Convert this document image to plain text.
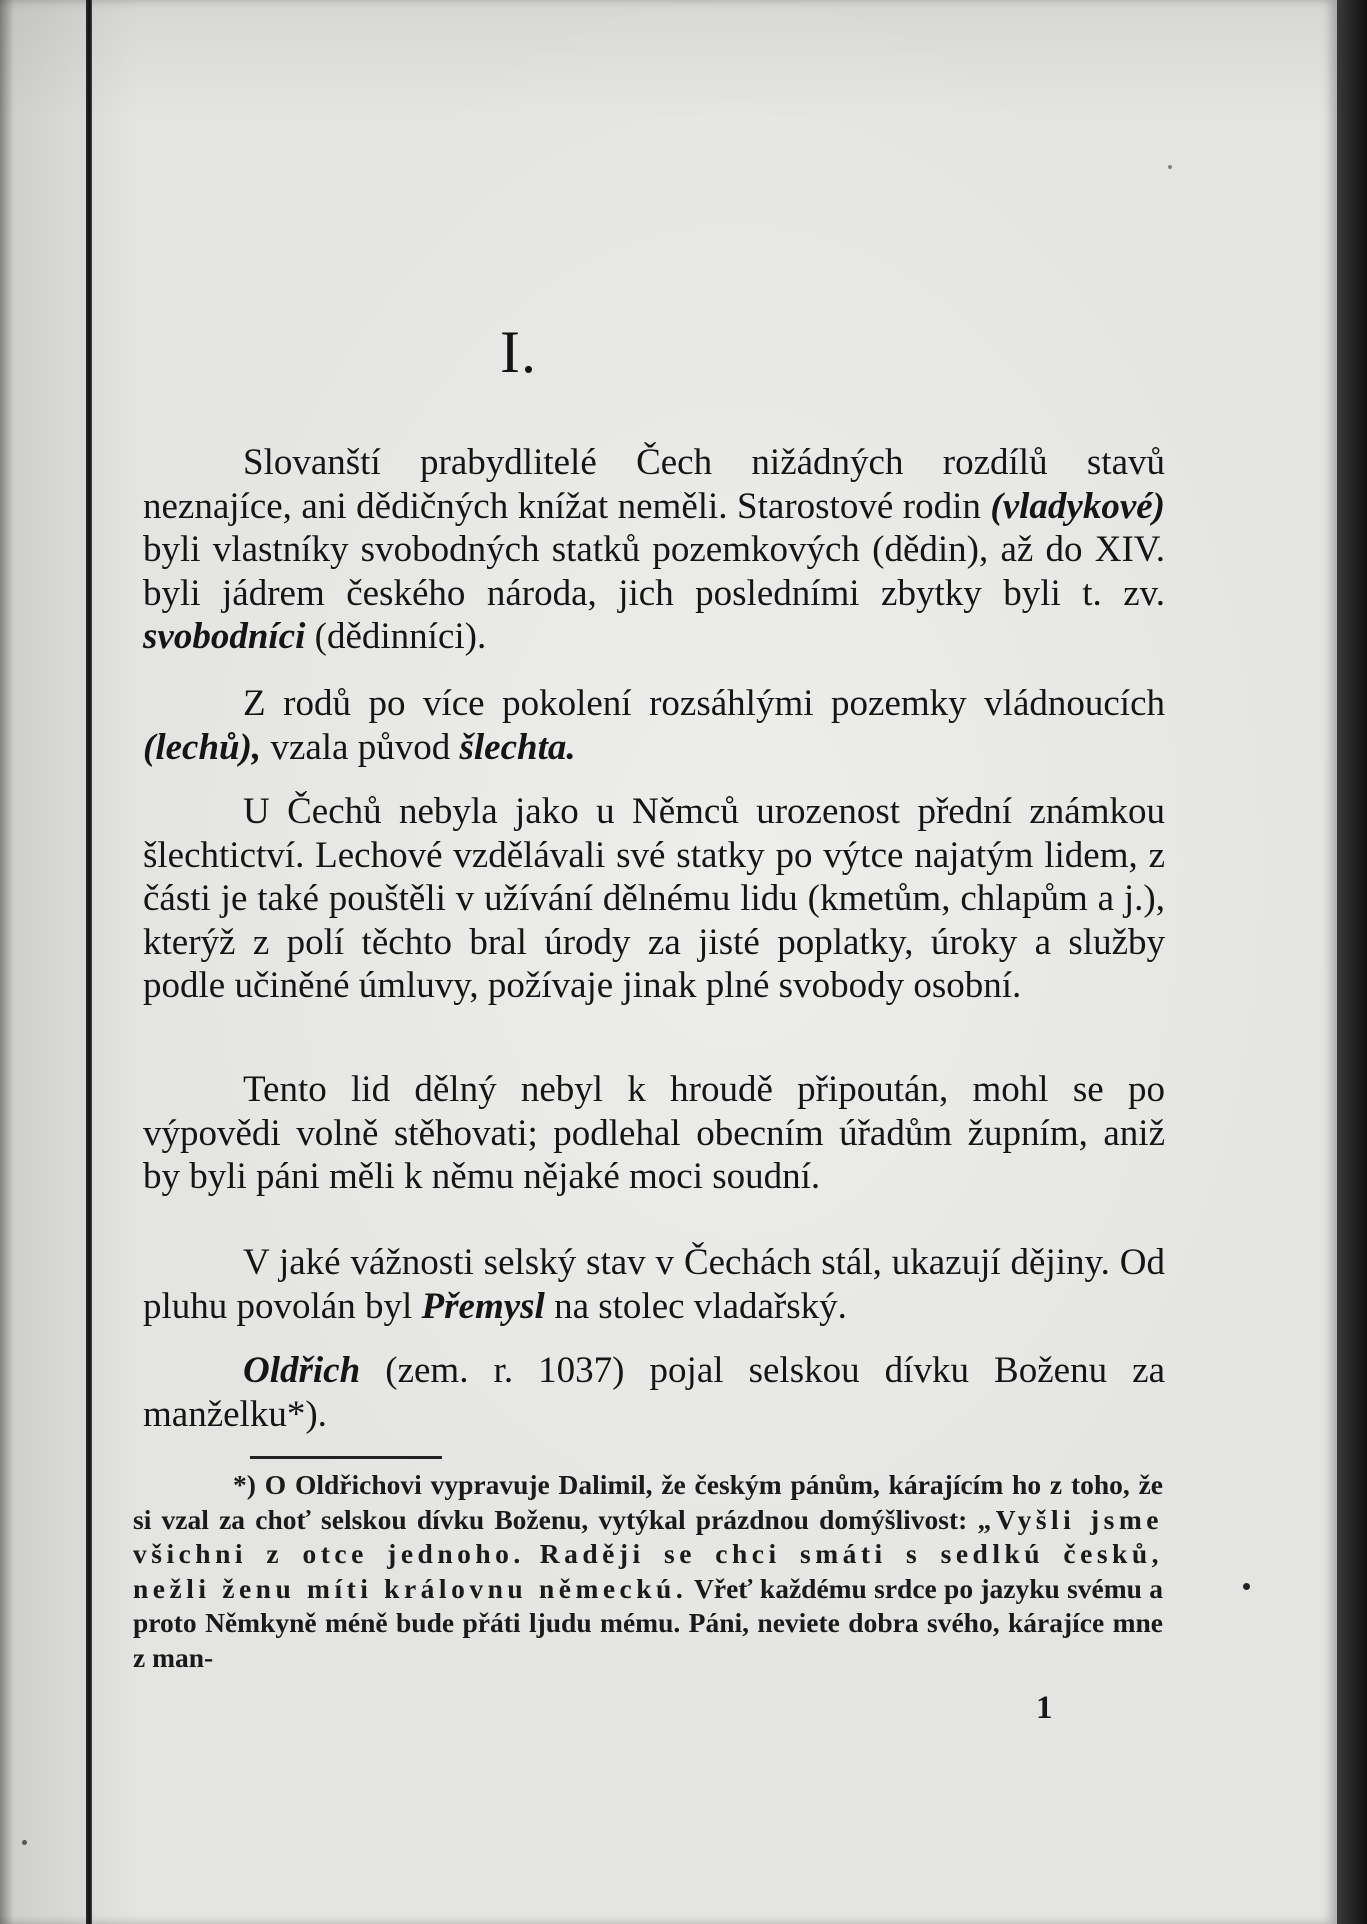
I.

Slovanští prabydlitelé Čech nižádných rozdílů stavů neznajíce, ani dědičných knížat neměli. Starostové rodin (vladykové) byli vlastníky svobodných statků pozemkových (dědin), až do XIV. byli jádrem českého národa, jich posledními zbytky byli t. zv. svobodníci (dědinníci).

Z rodů po více pokolení rozsáhlými pozemky vládnoucích (lechů), vzala původ šlechta.

U Čechů nebyla jako u Němců urozenost přední známkou šlechtictví. Lechové vzdělávali své statky po výtce najatým lidem, z části je také pouštěli v užívání dělnému lidu (kmetům, chlapům a j.), kterýž z polí těchto bral úrody za jisté poplatky, úroky a služby podle učiněné úmluvy, požívaje jinak plné svobody osobní.

Tento lid dělný nebyl k hroudě připoután, mohl se po výpovědi volně stěhovati; podlehal obecním úřadům župním, aniž by byli páni měli k němu nějaké moci soudní.

V jaké vážnosti selský stav v Čechách stál, ukazují dějiny. Od pluhu povolán byl Přemysl na stolec vladařský.

Oldřich (zem. r. 1037) pojal selskou dívku Boženu za manželku*).

*) O Oldřichovi vypravuje Dalimil, že českým pánům, kárajícím ho z toho, že si vzal za choť selskou dívku Boženu, vytýkal prázdnou domýšlivost: „Vyšli jsme všichni z otce jednoho. Raději se chci smáti s sedlkú česků, nežli ženu míti královnu německú. Vřeť každému srdce po jazyku svému a proto Němkyně méně bude přáti ljudu mému. Páni, neviete dobra svého, kárajíce mne z man-

1
